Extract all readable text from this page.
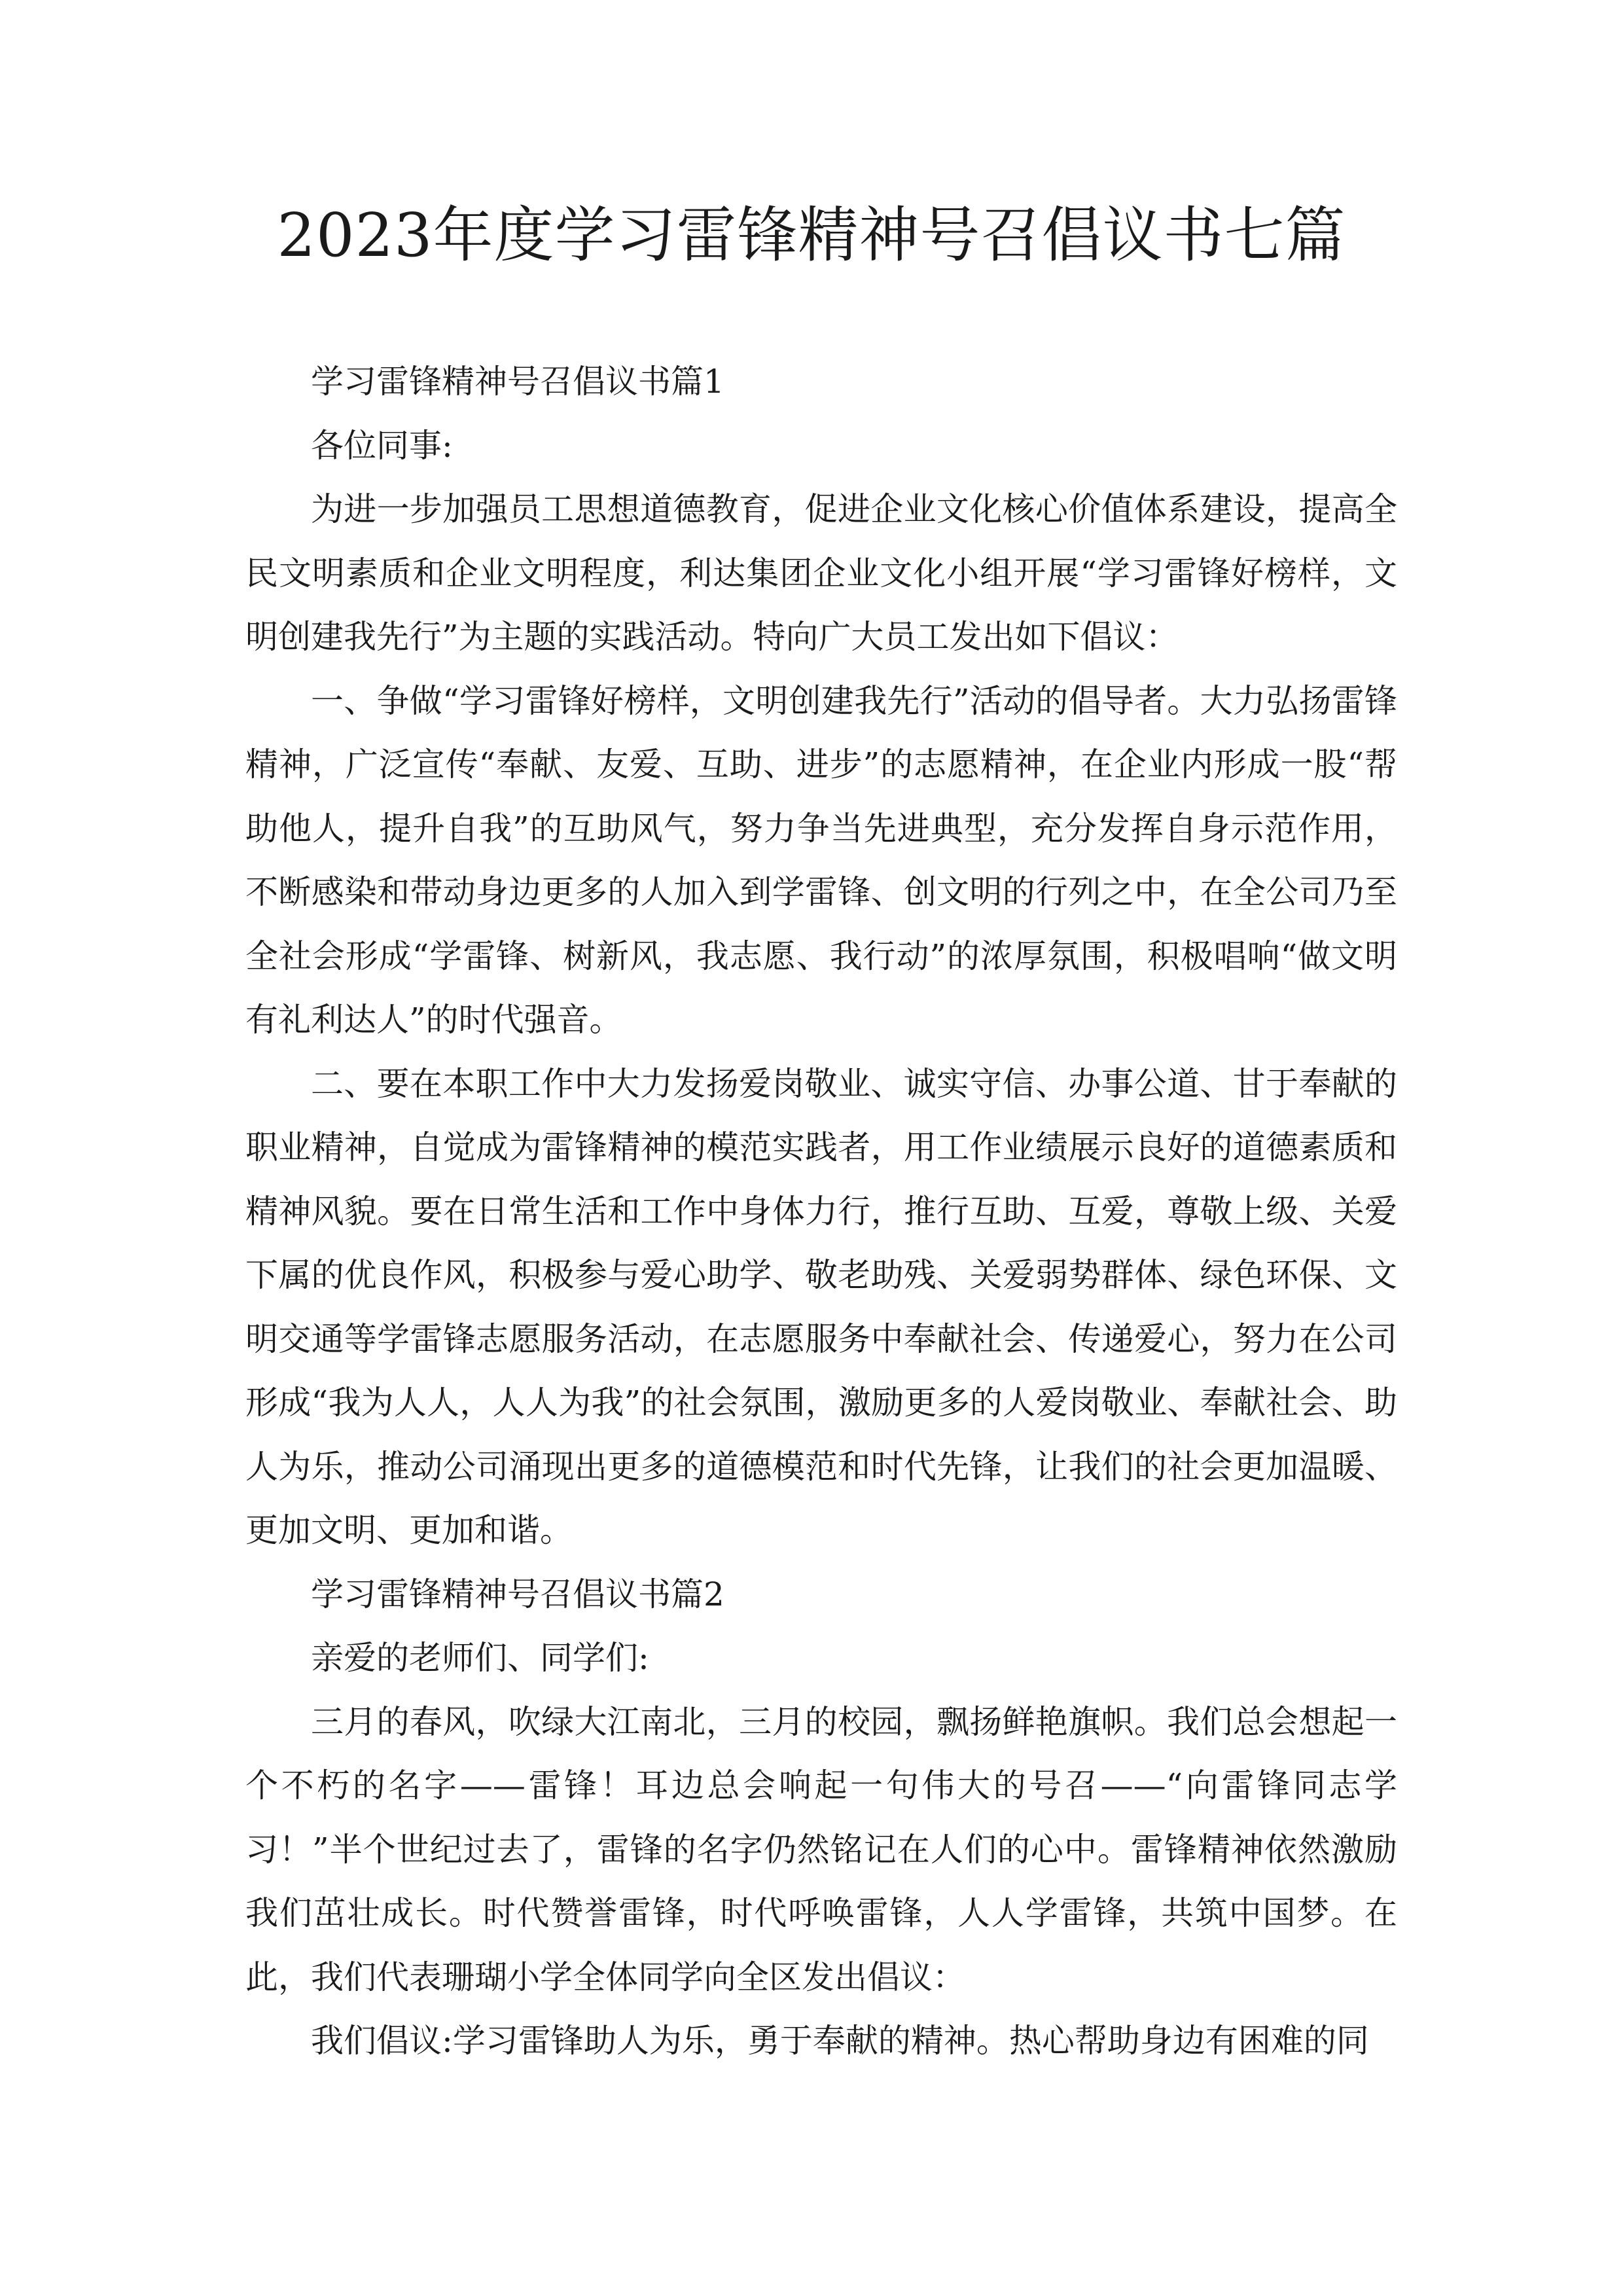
2023年度学习雷锋精神号召倡议书七篇

学习雷锋精神号召倡议书篇1

各位同事:

为进一步加强员工思想道德教育，促进企业文化核心价值体系建设，提高全民文明素质和企业文明程度，利达集团企业文化小组开展“学习雷锋好榜样，文明创建我先行”为主题的实践活动。特向广大员工发出如下倡议：

一、争做“学习雷锋好榜样，文明创建我先行”活动的倡导者。大力弘扬雷锋精神，广泛宣传“奉献、友爱、互助、进步”的志愿精神，在企业内形成一股“帮助他人，提升自我”的互助风气，努力争当先进典型，充分发挥自身示范作用，不断感染和带动身边更多的人加入到学雷锋、创文明的行列之中，在全公司乃至全社会形成“学雷锋、树新风，我志愿、我行动”的浓厚氛围，积极唱响“做文明有礼利达人”的时代强音。

二、要在本职工作中大力发扬爱岗敬业、诚实守信、办事公道、甘于奉献的职业精神，自觉成为雷锋精神的模范实践者，用工作业绩展示良好的道德素质和精神风貌。要在日常生活和工作中身体力行，推行互助、互爱，尊敬上级、关爱下属的优良作风，积极参与爱心助学、敬老助残、关爱弱势群体、绿色环保、文明交通等学雷锋志愿服务活动，在志愿服务中奉献社会、传递爱心，努力在公司形成“我为人人，人人为我”的社会氛围，激励更多的人爱岗敬业、奉献社会、助人为乐，推动公司涌现出更多的道德模范和时代先锋，让我们的社会更加温暖、更加文明、更加和谐。

学习雷锋精神号召倡议书篇2

亲爱的老师们、同学们:

三月的春风，吹绿大江南北，三月的校园，飘扬鲜艳旗帜。我们总会想起一个不朽的名字——雷锋！耳边总会响起一句伟大的号召——“向雷锋同志学习！”半个世纪过去了，雷锋的名字仍然铭记在人们的心中。雷锋精神依然激励我们茁壮成长。时代赞誉雷锋，时代呼唤雷锋，人人学雷锋，共筑中国梦。在此，我们代表珊瑚小学全体同学向全区发出倡议：

我们倡议:学习雷锋助人为乐，勇于奉献的精神。热心帮助身边有困难的同
